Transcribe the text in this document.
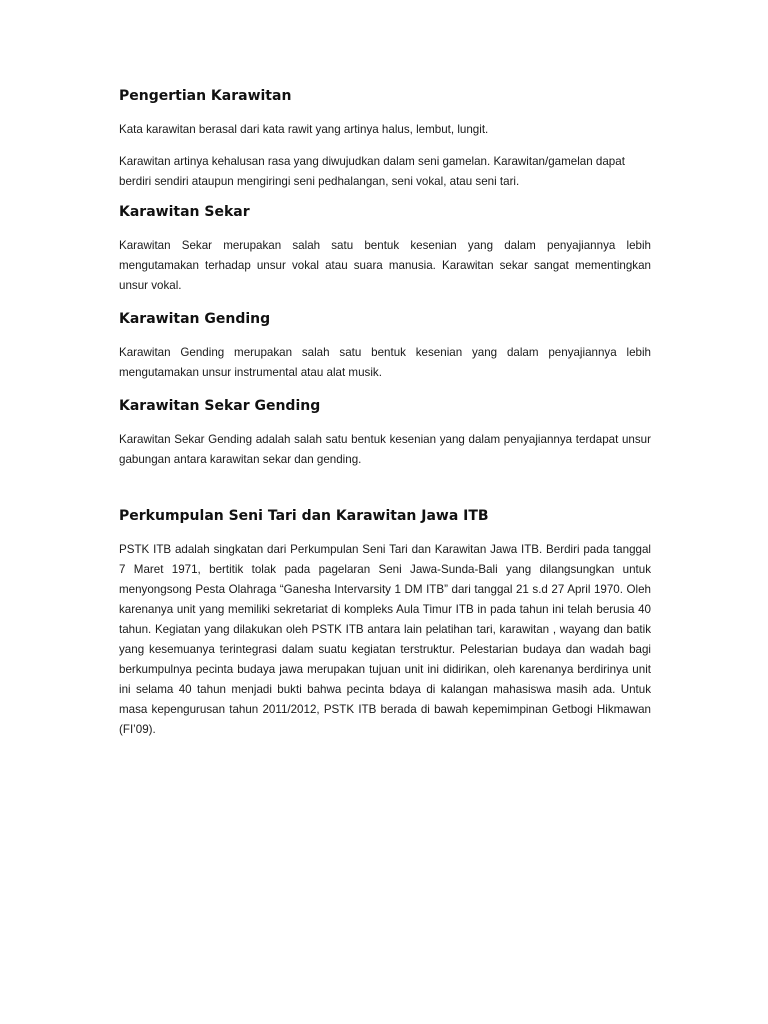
Pengertian Karawitan

Kata karawitan berasal dari kata rawit yang artinya halus, lembut, lungit.

Karawitan artinya kehalusan rasa yang diwujudkan dalam seni gamelan. Karawitan/gamelan dapat berdiri sendiri ataupun mengiringi seni pedhalangan, seni vokal, atau seni tari.

Karawitan Sekar

Karawitan Sekar merupakan salah satu bentuk kesenian yang dalam penyajiannya lebih mengutamakan terhadap unsur vokal atau suara manusia. Karawitan sekar sangat mementingkan unsur vokal.

Karawitan Gending

Karawitan Gending merupakan salah satu bentuk kesenian yang dalam penyajiannya lebih mengutamakan unsur instrumental atau alat musik.

Karawitan Sekar Gending

Karawitan Sekar Gending adalah salah satu bentuk kesenian yang dalam penyajiannya terdapat unsur gabungan antara karawitan sekar dan gending.

Perkumpulan Seni Tari dan Karawitan Jawa ITB

PSTK ITB adalah singkatan dari Perkumpulan Seni Tari dan Karawitan Jawa ITB. Berdiri pada tanggal 7 Maret 1971, bertitik tolak pada pagelaran Seni Jawa-Sunda-Bali yang dilangsungkan untuk menyongsong Pesta Olahraga “Ganesha Intervarsity 1 DM ITB” dari tanggal 21 s.d 27 April 1970. Oleh karenanya unit yang memiliki sekretariat di kompleks Aula Timur ITB in pada tahun ini telah berusia 40 tahun. Kegiatan yang dilakukan oleh PSTK ITB antara lain pelatihan tari, karawitan , wayang dan batik yang kesemuanya terintegrasi dalam suatu kegiatan terstruktur. Pelestarian budaya dan wadah bagi berkumpulnya pecinta budaya jawa merupakan tujuan unit ini didirikan, oleh karenanya berdirinya unit ini selama 40 tahun menjadi bukti bahwa pecinta bdaya di kalangan mahasiswa masih ada. Untuk masa kepengurusan tahun 2011/2012, PSTK ITB berada di bawah kepemimpinan Getbogi Hikmawan (FI’09).
